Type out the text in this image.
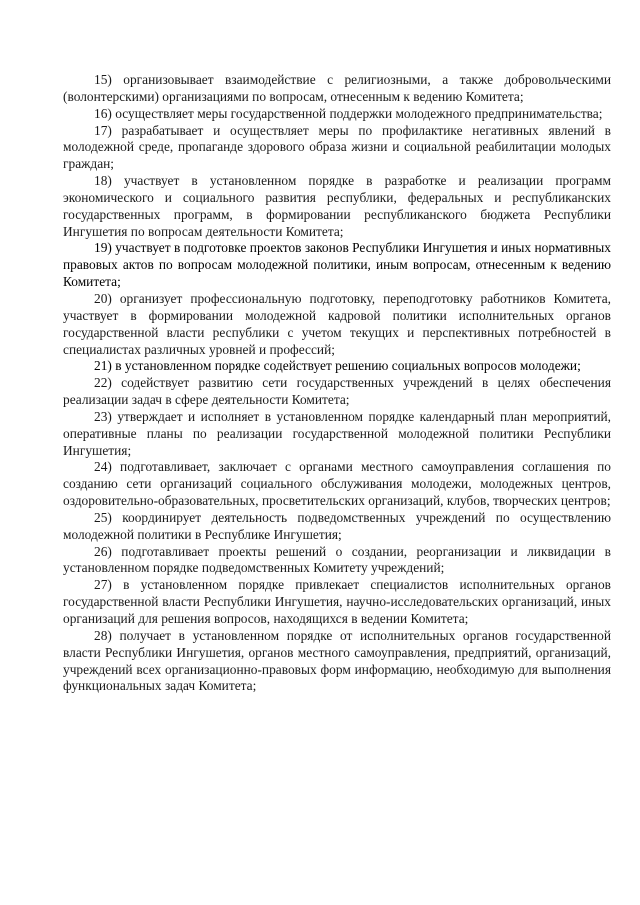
15) организовывает взаимодействие с религиозными, а также добровольческими (волонтерскими) организациями по вопросам, отнесенным к ведению Комитета;

16) осуществляет меры государственной поддержки молодежного предпринимательства;

17) разрабатывает и осуществляет меры по профилактике негативных явлений в молодежной среде, пропаганде здорового образа жизни и социальной реабилитации молодых граждан;

18) участвует в установленном порядке в разработке и реализации программ экономического и социального развития республики, федеральных и республиканских государственных программ, в формировании республиканского бюджета Республики Ингушетия по вопросам деятельности Комитета;

19) участвует в подготовке проектов законов Республики Ингушетия и иных нормативных правовых актов по вопросам молодежной политики, иным вопросам, отнесенным к ведению Комитета;

20) организует профессиональную подготовку, переподготовку работников Комитета, участвует в формировании молодежной кадровой политики исполнительных органов государственной власти республики с учетом текущих и перспективных потребностей в специалистах различных уровней и профессий;

21) в установленном порядке содействует решению социальных вопросов молодежи;

22) содействует развитию сети государственных учреждений в целях обеспечения реализации задач в сфере деятельности Комитета;

23) утверждает и исполняет в установленном порядке календарный план мероприятий, оперативные планы по реализации государственной молодежной политики Республики Ингушетия;

24) подготавливает, заключает с органами местного самоуправления соглашения по созданию сети организаций социального обслуживания молодежи, молодежных центров, оздоровительно-образовательных, просветительских организаций, клубов, творческих центров;

25) координирует деятельность подведомственных учреждений по осуществлению молодежной политики в Республике Ингушетия;

26) подготавливает проекты решений о создании, реорганизации и ликвидации в установленном порядке подведомственных Комитету учреждений;

27) в установленном порядке привлекает специалистов исполнительных органов государственной власти Республики Ингушетия, научно-исследовательских организаций, иных организаций для решения вопросов, находящихся в ведении Комитета;

28) получает в установленном порядке от исполнительных органов государственной власти Республики Ингушетия, органов местного самоуправления, предприятий, организаций, учреждений всех организационно-правовых форм информацию, необходимую для выполнения функциональных задач Комитета;
